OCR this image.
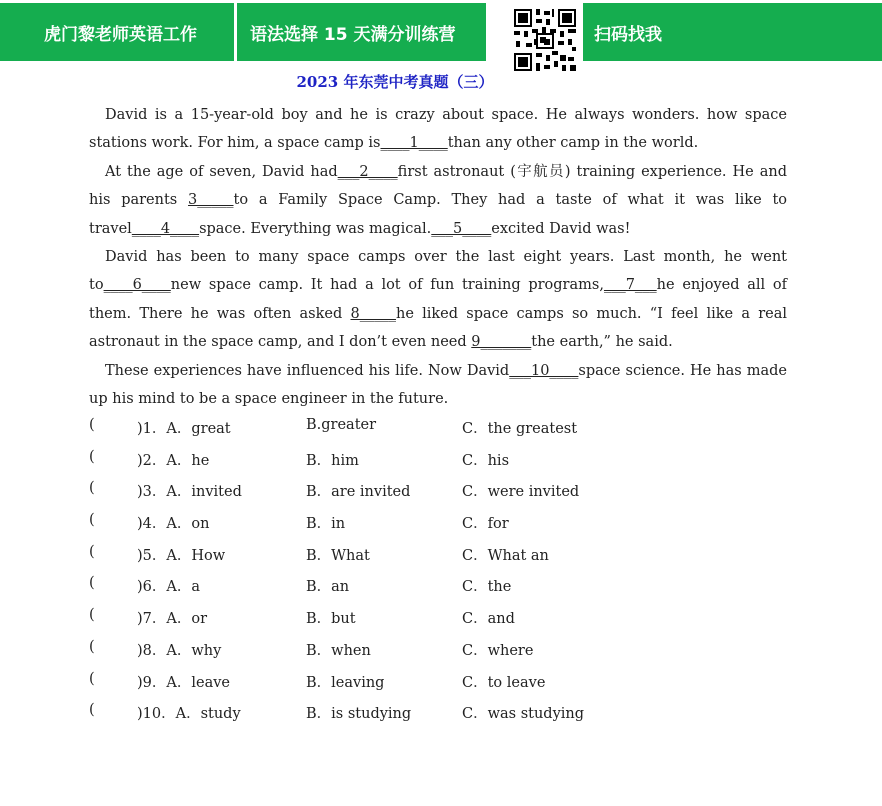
虎门黎老师英语工作	语法选择 15 天满分训练营	扫码找我
2023 年东莞中考真题（三）

David is a 15-year-old boy and he is crazy about space. He always wonders. how space stations work. For him, a space camp is____1____than any other camp in the world.

At the age of seven, David had___2____first astronaut (宇航员) training experience. He and his parents 3_____to a Family Space Camp. They had a taste of what it was like to travel____4____space. Everything was magical.___5____excited David was!

David has been to many space camps over the last eight years. Last month, he went to____6____new space camp. It had a lot of fun training programs,___7___he enjoyed all of them. There he was often asked 8_____he liked space camps so much. “I feel like a real astronaut in the space camp, and I don’t even need 9_______the earth,” he said.

These experiences have influenced his life. Now David___10____space science. He has made up his mind to be a space engineer in the future.

(	)1．A．great	B.greater	C．the greatest
(	)2．A．he	B．him	C．his
(	)3．A．invited	B．are invited	C．were invited
(	)4．A．on	B．in	C．for
(	)5．A．How	B．What	C．What an
(	)6．A．a	B．an	C．the
(	)7．A．or	B．but	C．and
(	)8．A．why	B．when	C．where
(	)9．A．leave	B．leaving	C．to leave
(	)10．A．study	B．is studying	C．was studying
